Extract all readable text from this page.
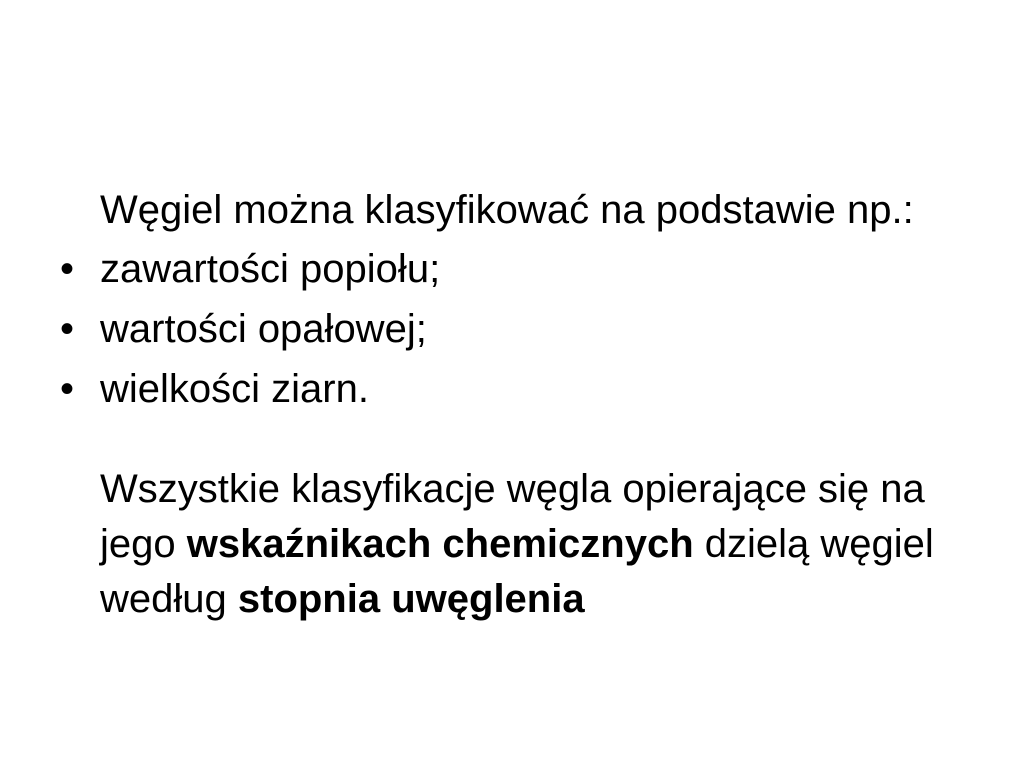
Węgiel można klasyfikować na podstawie np.:

• zawartości popiołu;
• wartości opałowej;
• wielkości ziarn.

Wszystkie klasyfikacje węgla opierające się na jego wskaźnikach chemicznych dzielą węgiel według stopnia uwęglenia
